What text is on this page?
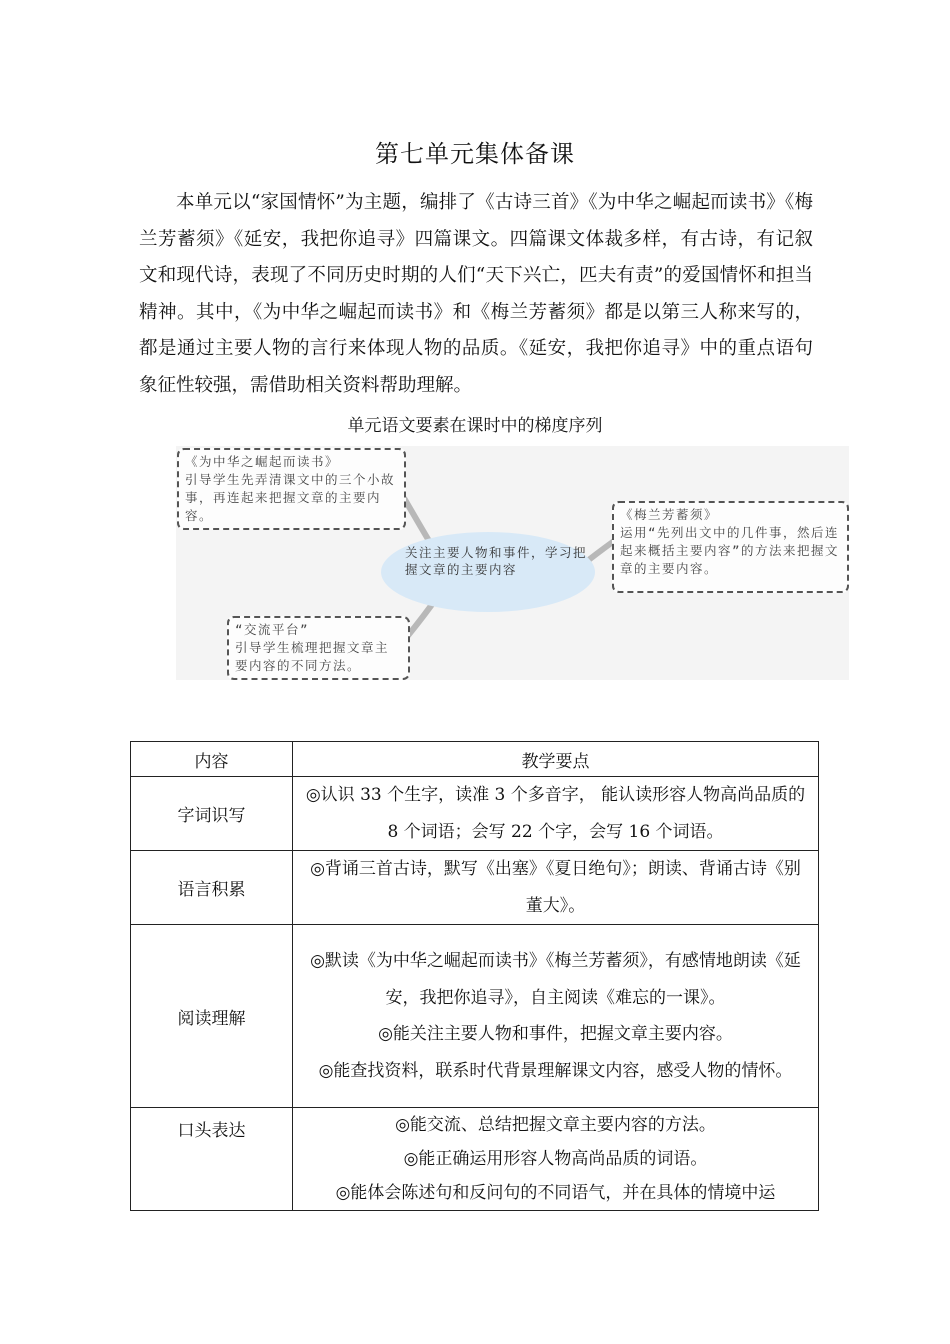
第七单元集体备课

本单元以“家国情怀”为主题，编排了《古诗三首》《为中华之崛起而读书》《梅兰芳蓄须》《延安，我把你追寻》四篇课文。四篇课文体裁多样，有古诗，有记叙文和现代诗，表现了不同历史时期的人们“天下兴亡，匹夫有责”的爱国情怀和担当精神。其中，《为中华之崛起而读书》和《梅兰芳蓄须》都是以第三人称来写的，都是通过主要人物的言行来体现人物的品质。《延安，我把你追寻》中的重点语句象征性较强，需借助相关资料帮助理解。

单元语文要素在课时中的梯度序列
《为中华之崛起而读书》
引导学生先弄清课文中的三个小故事，再连起来把握文章的主要内容。
关注主要人物和事件，学习把握文章的主要内容
《梅兰芳蓄须》
运用“先列出文中的几件事，然后连起来概括主要内容”的方法来把握文章的主要内容。
“交流平台”
引导学生梳理把握文章主要内容的不同方法。
内容	教学要点
字词识写	◎认识 33 个生字，读准 3 个多音字， 能认读形容人物高尚品质的 8 个词语；会写 22 个字，会写 16 个词语。

语言积累	◎背诵三首古诗，默写《出塞》《夏日绝句》；朗读、背诵古诗《别董大》。

阅读理解	◎默读《为中华之崛起而读书》《梅兰芳蓄须》，有感情地朗读《延安，我把你追寻》，自主阅读《难忘的一课》。
◎能关注主要人物和事件，把握文章主要内容。
◎能查找资料，联系时代背景理解课文内容，感受人物的情怀。

口头表达	◎能交流、总结把握文章主要内容的方法。
◎能正确运用形容人物高尚品质的词语。
◎能体会陈述句和反问句的不同语气，并在具体的情境中运
